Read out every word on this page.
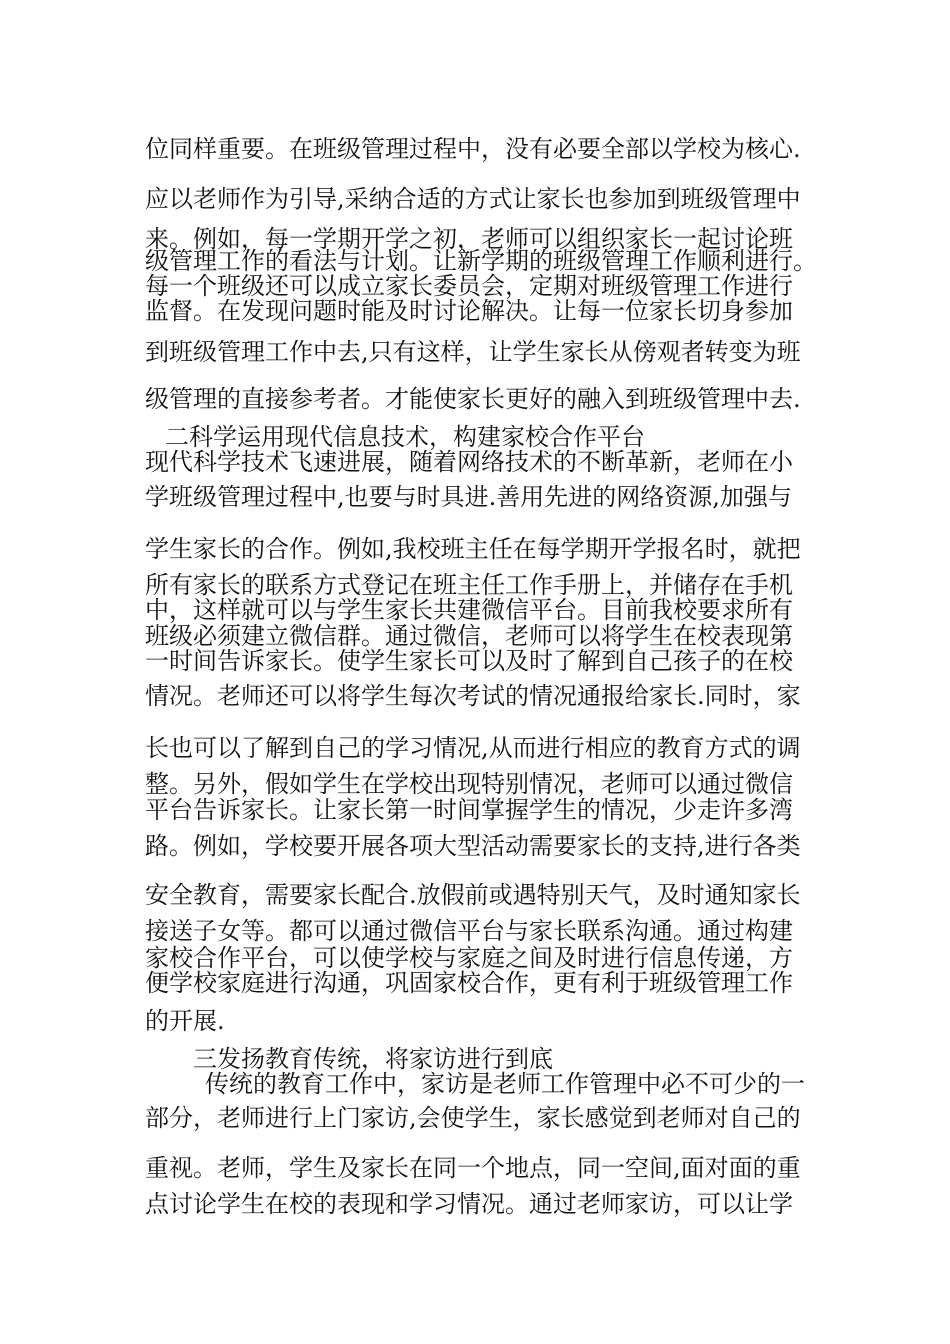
位同样重要。在班级管理过程中，没有必要全部以学校为核心.

应以老师作为引导,采纳合适的方式让家长也参加到班级管理中

来。例如，每一学期开学之初，老师可以组织家长一起讨论班

级管理工作的看法与计划。让新学期的班级管理工作顺利进行。

每一个班级还可以成立家长委员会，定期对班级管理工作进行

监督。在发现问题时能及时讨论解决。让每一位家长切身参加

到班级管理工作中去,只有这样，让学生家长从傍观者转变为班

级管理的直接参考者。才能使家长更好的融入到班级管理中去.

二科学运用现代信息技术，构建家校合作平台

现代科学技术飞速进展，随着网络技术的不断革新，老师在小

学班级管理过程中,也要与时具进.善用先进的网络资源,加强与

学生家长的合作。例如,我校班主任在每学期开学报名时，就把

所有家长的联系方式登记在班主任工作手册上，并储存在手机

中，这样就可以与学生家长共建微信平台。目前我校要求所有

班级必须建立微信群。通过微信，老师可以将学生在校表现第

一时间告诉家长。使学生家长可以及时了解到自己孩子的在校

情况。老师还可以将学生每次考试的情况通报给家长.同时，家

长也可以了解到自己的学习情况,从而进行相应的教育方式的调

整。另外，假如学生在学校出现特别情况，老师可以通过微信

平台告诉家长。让家长第一时间掌握学生的情况，少走许多湾

路。例如，学校要开展各项大型活动需要家长的支持,进行各类

安全教育，需要家长配合.放假前或遇特别天气，及时通知家长

接送子女等。都可以通过微信平台与家长联系沟通。通过构建

家校合作平台，可以使学校与家庭之间及时进行信息传递，方

便学校家庭进行沟通，巩固家校合作，更有利于班级管理工作

的开展.

三发扬教育传统，将家访进行到底

传统的教育工作中，家访是老师工作管理中必不可少的一

部分，老师进行上门家访,会使学生，家长感觉到老师对自己的

重视。老师，学生及家长在同一个地点，同一空间,面对面的重

点讨论学生在校的表现和学习情况。通过老师家访，可以让学
